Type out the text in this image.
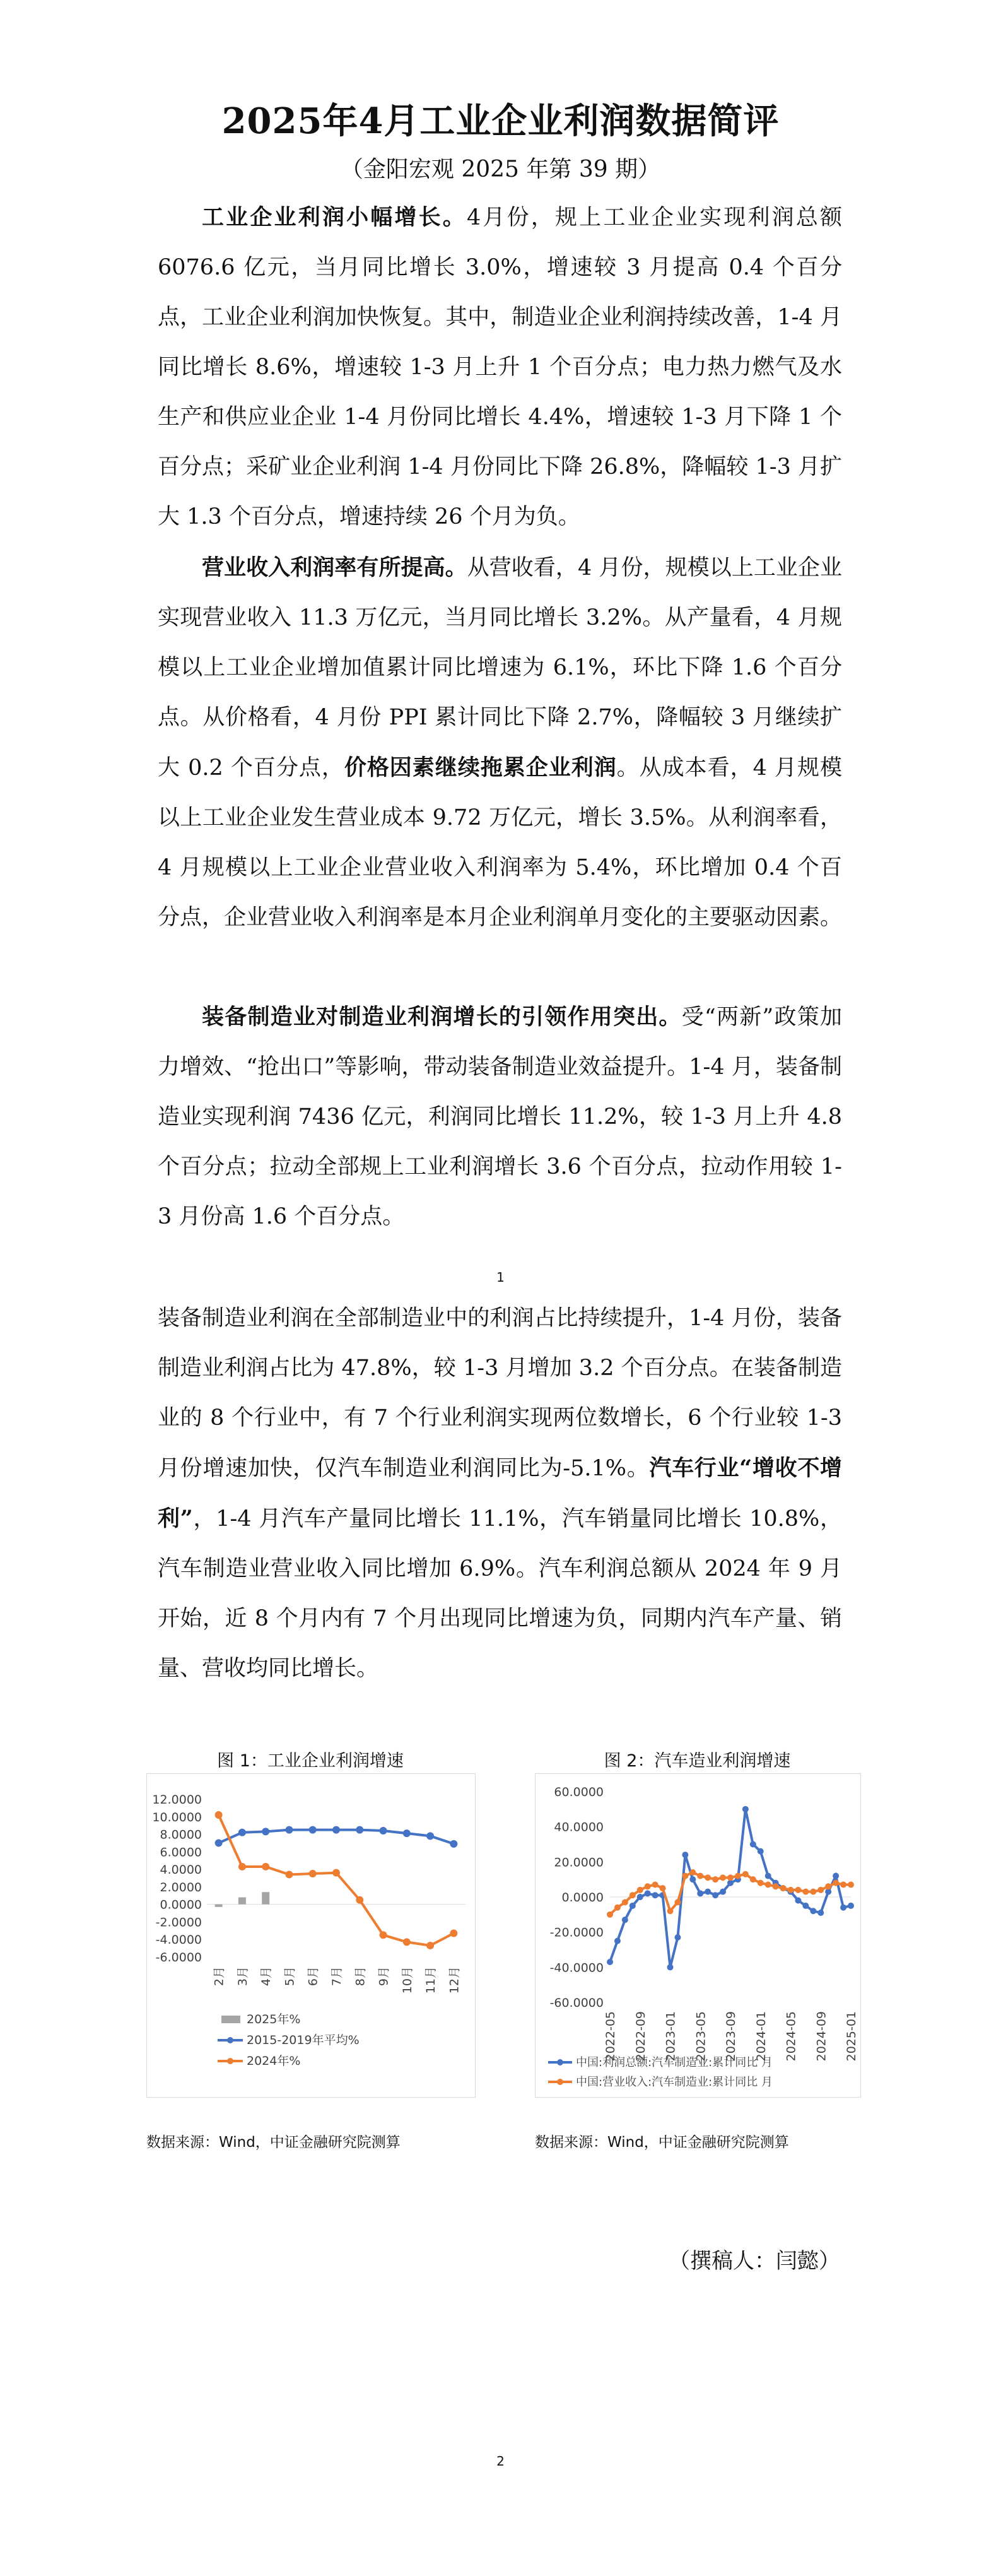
2025年4月工业企业利润数据简评
（金阳宏观 2025 年第 39 期）

工业企业利润小幅增长。4月份，规上工业企业实现利润总额 6076.6 亿元，当月同比增长 3.0%，增速较 3 月提高 0.4 个百分点，工业企业利润加快恢复。其中，制造业企业利润持续改善，1-4 月同比增长 8.6%，增速较 1-3 月上升 1 个百分点；电力热力燃气及水生产和供应业企业 1-4 月份同比增长 4.4%，增速较 1-3 月下降 1 个百分点；采矿业企业利润 1-4 月份同比下降 26.8%，降幅较 1-3 月扩大 1.3 个百分点，增速持续 26 个月为负。

营业收入利润率有所提高。从营收看，4 月份，规模以上工业企业实现营业收入 11.3 万亿元，当月同比增长 3.2%。从产量看，4 月规模以上工业企业增加值累计同比增速为 6.1%，环比下降 1.6 个百分点。从价格看，4 月份 PPI 累计同比下降 2.7%，降幅较 3 月继续扩大 0.2 个百分点，价格因素继续拖累企业利润。从成本看，4 月规模以上工业企业发生营业成本 9.72 万亿元，增长 3.5%。从利润率看，4 月规模以上工业企业营业收入利润率为 5.4%，环比增加 0.4 个百分点，企业营业收入利润率是本月企业利润单月变化的主要驱动因素。

装备制造业对制造业利润增长的引领作用突出。受“两新”政策加力增效、“抢出口”等影响，带动装备制造业效益提升。1-4 月，装备制造业实现利润 7436 亿元，利润同比增长 11.2%，较 1-3 月上升 4.8 个百分点；拉动全部规上工业利润增长 3.6 个百分点，拉动作用较 1-3 月份高 1.6 个百分点。

1

装备制造业利润在全部制造业中的利润占比持续提升，1-4 月份，装备制造业利润占比为 47.8%，较 1-3 月增加 3.2 个百分点。在装备制造业的 8 个行业中，有 7 个行业利润实现两位数增长，6 个行业较 1-3 月份增速加快，仅汽车制造业利润同比为-5.1%。汽车行业“增收不增利”，1-4 月汽车产量同比增长 11.1%，汽车销量同比增长 10.8%，汽车制造业营业收入同比增加 6.9%。汽车利润总额从 2024 年 9 月开始，近 8 个月内有 7 个月出现同比增速为负，同期内汽车产量、销量、营收均同比增长。

图 1：工业企业利润增速
12.0000
10.0000
8.0000
6.0000
4.0000
2.0000
0.0000
-2.0000
-4.0000
-6.0000
2月 3月 4月 5月 6月 7月 8月 9月 10月 11月 12月
2025年%
2015-2019年平均%
2024年%
数据来源：Wind，中证金融研究院测算
图 2：汽车造业利润增速
60.0000
40.0000
20.0000
0.0000
-20.0000
-40.0000
-60.0000
2022-05 2022-09 2023-01 2023-05 2023-09 2024-01 2024-05 2024-09 2025-01
中国:利润总额:汽车制造业:累计同比 月
中国:营业收入:汽车制造业:累计同比 月
数据来源：Wind，中证金融研究院测算
（撰稿人：闫懿）
2
